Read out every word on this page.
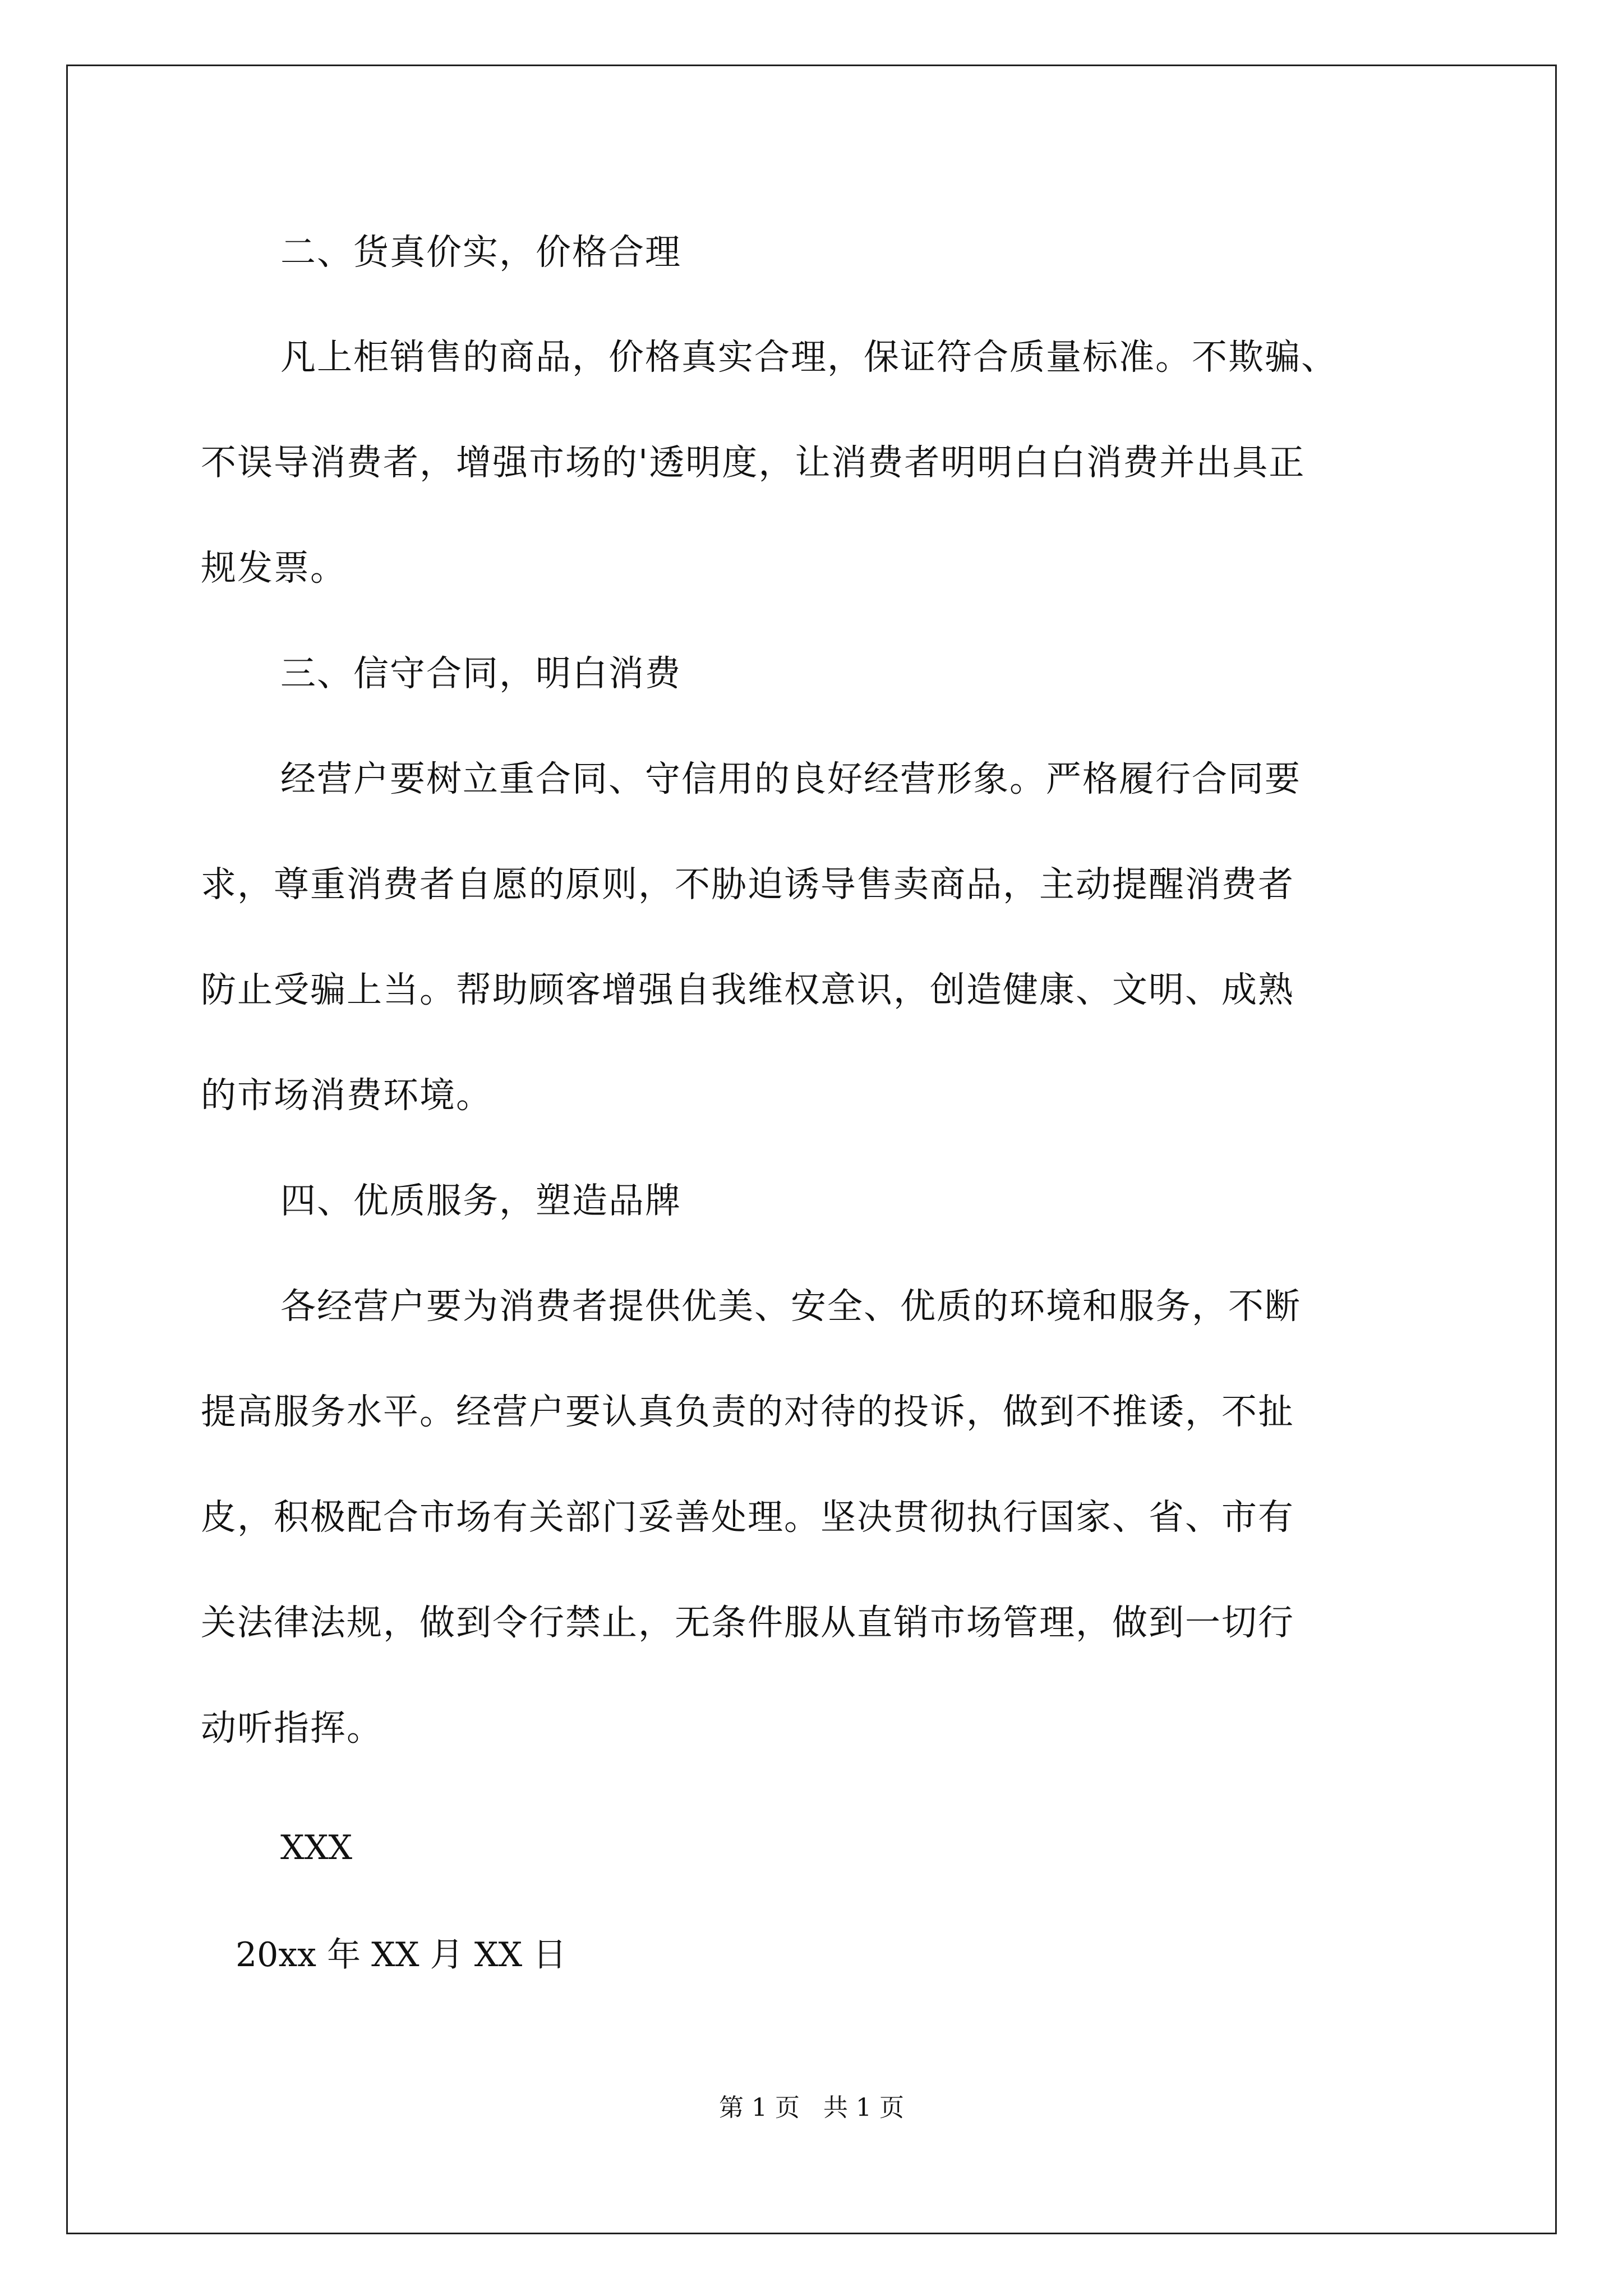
二、货真价实，价格合理
凡上柜销售的商品，价格真实合理，保证符合质量标准。不欺骗、
不误导消费者，增强市场的'透明度，让消费者明明白白消费并出具正
规发票。
三、信守合同，明白消费
经营户要树立重合同、守信用的良好经营形象。严格履行合同要
求，尊重消费者自愿的原则，不胁迫诱导售卖商品，主动提醒消费者
防止受骗上当。帮助顾客增强自我维权意识，创造健康、文明、成熟
的市场消费环境。
四、优质服务，塑造品牌
各经营户要为消费者提供优美、安全、优质的环境和服务，不断
提高服务水平。经营户要认真负责的对待的投诉，做到不推诿，不扯
皮，积极配合市场有关部门妥善处理。坚决贯彻执行国家、省、市有
关法律法规，做到令行禁止，无条件服从直销市场管理，做到一切行
动听指挥。
XXX
20xx 年 XX 月 XX 日
第 1 页   共 1 页
